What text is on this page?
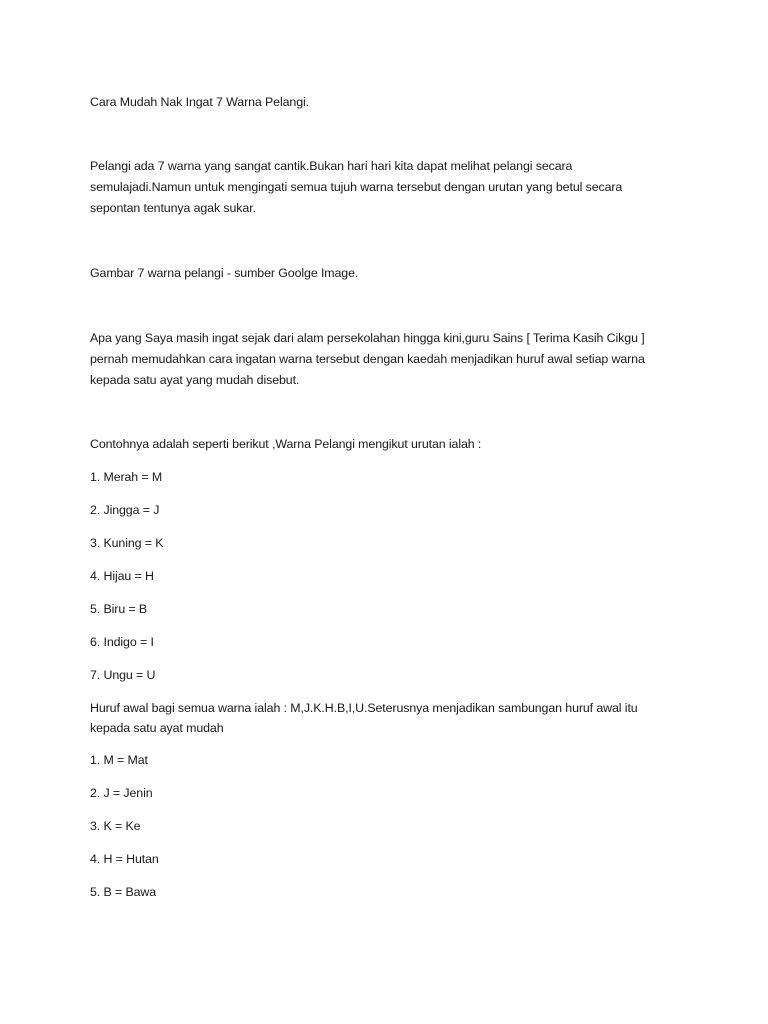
Cara Mudah Nak Ingat 7 Warna Pelangi.
Pelangi ada 7 warna yang sangat cantik.Bukan hari hari kita dapat melihat pelangi secara
semulajadi.Namun untuk mengingati semua tujuh warna tersebut dengan urutan yang betul secara
sepontan tentunya agak sukar.
Gambar 7 warna pelangi - sumber Goolge Image.
Apa yang Saya masih ingat sejak dari alam persekolahan hingga kini,guru Sains [ Terima Kasih Cikgu ]
pernah memudahkan cara ingatan warna tersebut dengan kaedah menjadikan huruf awal setiap warna
kepada satu ayat yang mudah disebut.
Contohnya adalah seperti berikut ,Warna Pelangi mengikut urutan ialah :
1. Merah = M
2. Jingga = J
3. Kuning = K
4. Hijau = H
5. Biru = B
6. Indigo = I
7. Ungu = U
Huruf awal bagi semua warna ialah : M,J.K.H.B,I,U.Seterusnya menjadikan sambungan huruf awal itu
kepada satu ayat mudah
1. M = Mat
2. J = Jenin
3. K = Ke
4. H = Hutan
5. B = Bawa
